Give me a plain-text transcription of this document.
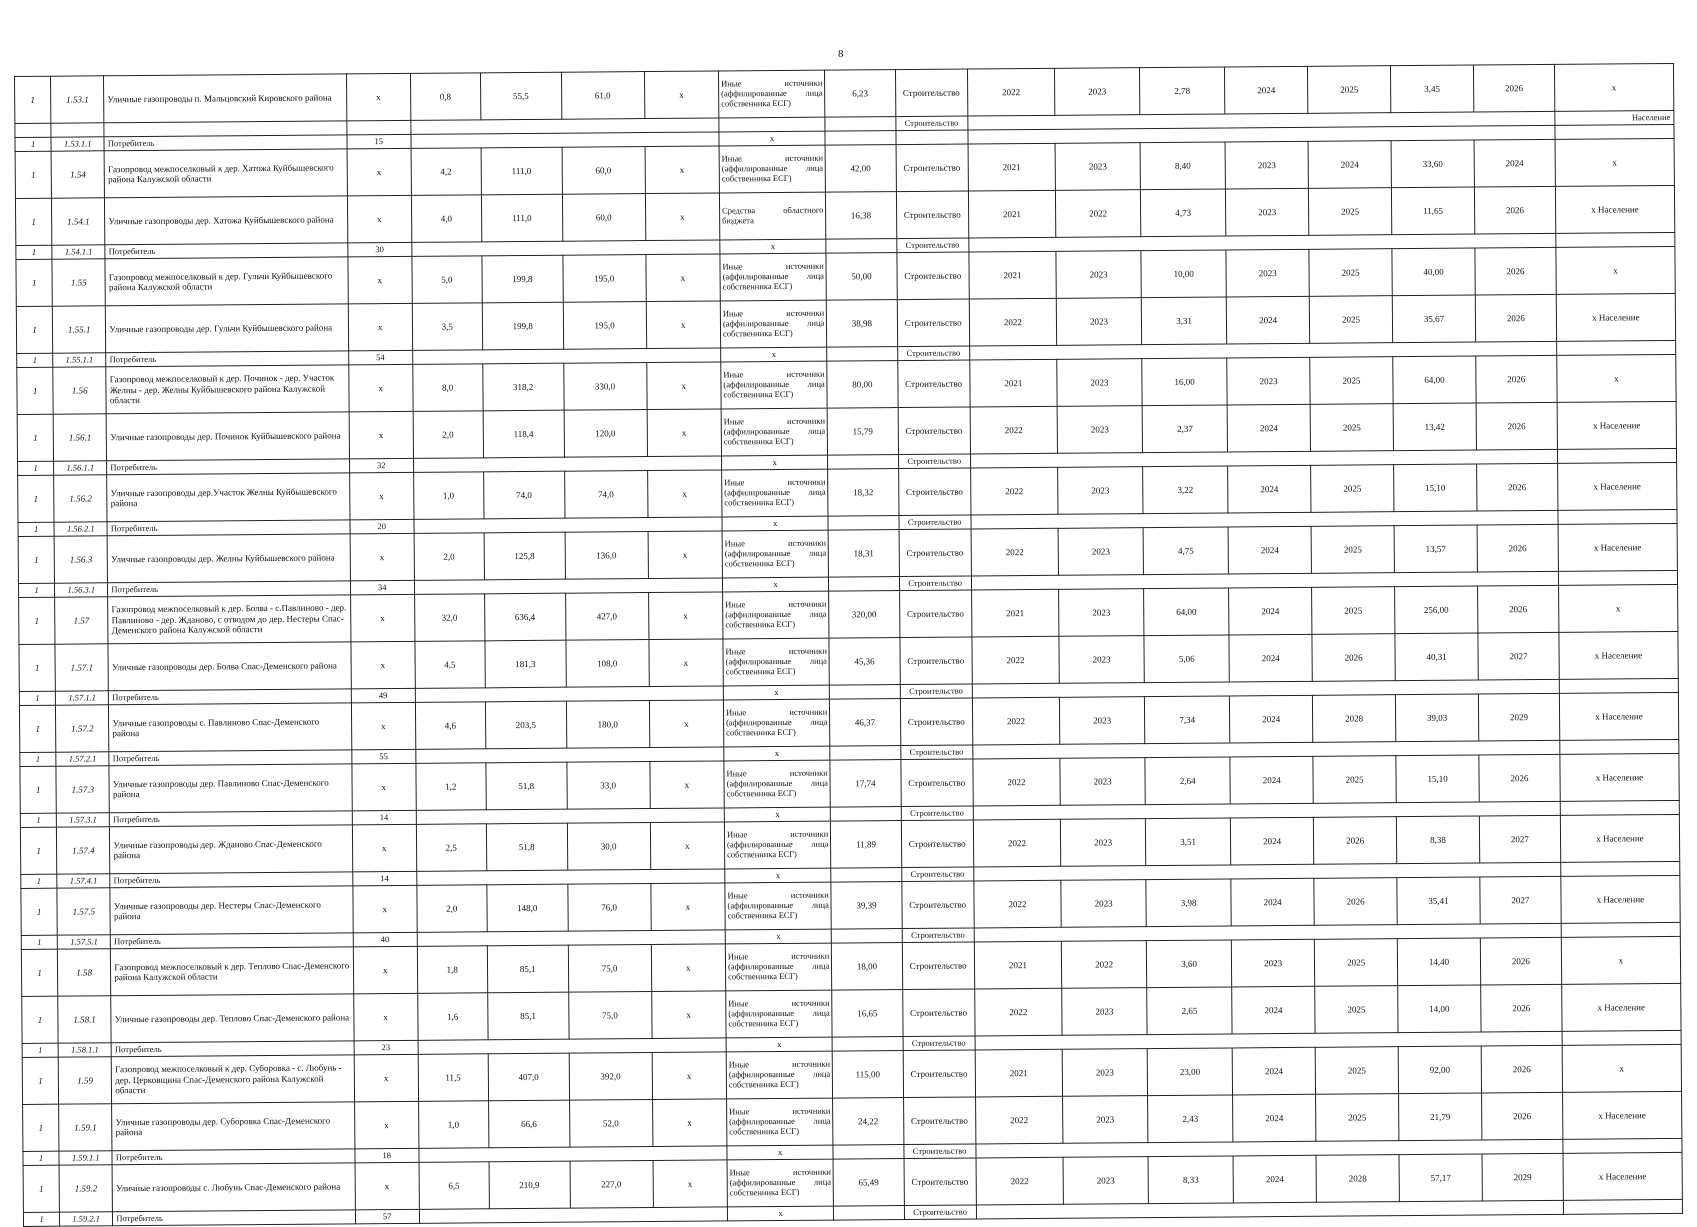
8
1	1.53.1	Уличные газопроводы п. Мальцовский Кировского района	x	0,8	55,5	61,0	x	Иные источники (аффилированные лица собственника ЕСГ)	6,23	Строительство	2022	2023	2,78	2024	2025	3,45	2026	x
										Строительство								Население
1	1.53.1.1	Потребитель	15					x										
1	1.54	Газопровод межпоселковый к дер. Хатожа Куйбышевского района Калужской области	x	4,2	111,0	60,0	x	Иные источники (аффилированные лица собственника ЕСГ)	42,00	Строительство	2021	2023	8,40	2023	2024	33,60	2024	x
1	1.54.1	Уличные газопроводы дер. Хатожа Куйбышевского района	x	4,0	111,0	60,0	x	Средства областного бюджета	16,38	Строительство	2021	2022	4,73	2023	2025	11,65	2026	x Население
1	1.54.1.1	Потребитель	30					x		Строительство								
1	1.55	Газопровод межпоселковый к дер. Гульчи Куйбышевского района Калужской области	x	5,0	199,8	195,0	x	Иные источники (аффилированные лица собственника ЕСГ)	50,00	Строительство	2021	2023	10,00	2023	2025	40,00	2026	x
1	1.55.1	Уличные газопроводы дер. Гульчи Куйбышевского района	x	3,5	199,8	195,0	x	Иные источники (аффилированные лица собственника ЕСГ)	38,98	Строительство	2022	2023	3,31	2024	2025	35,67	2026	x Население
1	1.55.1.1	Потребитель	54					x		Строительство								
1	1.56	Газопровод межпоселковый к дер. Починок - дер. Участок Желны - дер. Желны Куйбышевского района Калужской области	x	8,0	318,2	330,0	x	Иные источники (аффилированные лица собственника ЕСГ)	80,00	Строительство	2021	2023	16,00	2023	2025	64,00	2026	x
1	1.56.1	Уличные газопроводы дер. Починок Куйбышевского района	x	2,0	118,4	120,0	x	Иные источники (аффилированные лица собственника ЕСГ)	15,79	Строительство	2022	2023	2,37	2024	2025	13,42	2026	x Население
1	1.56.1.1	Потребитель	32					x		Строительство								
1	1.56.2	Уличные газопроводы дер.Участок Желны Куйбышевского района	x	1,0	74,0	74,0	x	Иные источники (аффилированные лица собственника ЕСГ)	18,32	Строительство	2022	2023	3,22	2024	2025	15,10	2026	x Население
1	1.56.2.1	Потребитель	20					x		Строительство								
1	1.56.3	Уличные газопроводы дер. Желны Куйбышевского района	x	2,0	125,8	136,0	x	Иные источники (аффилированные лица собственника ЕСГ)	18,31	Строительство	2022	2023	4,75	2024	2025	13,57	2026	x Население
1	1.56.3.1	Потребитель	34					x		Строительство								
1	1.57	Газопровод межпоселковый к дер. Болва - с.Павлиново - дер. Павлиново - дер. Жданово, с отводом до дер. Нестеры Спас-Деменского района Калужской области	x	32,0	636,4	427,0	x	Иные источники (аффилированные лица собственника ЕСГ)	320,00	Строительство	2021	2023	64,00	2024	2025	256,00	2026	x
1	1.57.1	Уличные газопроводы дер. Болва Спас-Деменского района	x	4,5	181,3	108,0	x	Иные источники (аффилированные лица собственника ЕСГ)	45,36	Строительство	2022	2023	5,06	2024	2026	40,31	2027	x Население
1	1.57.1.1	Потребитель	49					x		Строительство								
1	1.57.2	Уличные газопроводы с. Павлиново Спас-Деменского района	x	4,6	203,5	180,0	x	Иные источники (аффилированные лица собственника ЕСГ)	46,37	Строительство	2022	2023	7,34	2024	2028	39,03	2029	x Население
1	1.57.2.1	Потребитель	55					x		Строительство								
1	1.57.3	Уличные газопроводы дер. Павлиново Спас-Деменского района	x	1,2	51,8	33,0	x	Иные источники (аффилированные лица собственника ЕСГ)	17,74	Строительство	2022	2023	2,64	2024	2025	15,10	2026	x Население
1	1.57.3.1	Потребитель	14					x		Строительство								
1	1.57.4	Уличные газопроводы дер. Жданово Спас-Деменского района	x	2,5	51,8	30,0	x	Иные источники (аффилированные лица собственника ЕСГ)	11,89	Строительство	2022	2023	3,51	2024	2026	8,38	2027	x Население
1	1.57.4.1	Потребитель	14					x		Строительство								
1	1.57.5	Уличные газопроводы дер. Нестеры Спас-Деменского района	x	2,0	148,0	76,0	x	Иные источники (аффилированные лица собственника ЕСГ)	39,39	Строительство	2022	2023	3,98	2024	2026	35,41	2027	x Население
1	1.57.5.1	Потребитель	40					x		Строительство								
1	1.58	Газопровод межпоселковый к дер. Теплово Спас-Деменского района Калужской области	x	1,8	85,1	75,0	x	Иные источники (аффилированные лица собственника ЕСГ)	18,00	Строительство	2021	2022	3,60	2023	2025	14,40	2026	x
1	1.58.1	Уличные газопроводы дер. Теплово Спас-Деменского района	x	1,6	85,1	75,0	x	Иные источники (аффилированные лица собственника ЕСГ)	16,65	Строительство	2022	2023	2,65	2024	2025	14,00	2026	x Население
1	1.58.1.1	Потребитель	23					x		Строительство								
1	1.59	Газопровод межпоселковый к дер. Суборовка - с. Любунь - дер. Церковщина Спас-Деменского района Калужской области	x	11,5	407,0	392,0	x	Иные источники (аффилированные лица собственника ЕСГ)	115,00	Строительство	2021	2023	23,00	2024	2025	92,00	2026	x
1	1.59.1	Уличные газопроводы дер. Суборовка Спас-Деменского района	x	1,0	66,6	52,0	x	Иные источники (аффилированные лица собственника ЕСГ)	24,22	Строительство	2022	2023	2,43	2024	2025	21,79	2026	x Население
1	1.59.1.1	Потребитель	18					x		Строительство								
1	1.59.2	Уличные газопроводы с. Любунь Спас-Деменского района	x	6,5	210,9	227,0	x	Иные источники (аффилированные лица собственника ЕСГ)	65,49	Строительство	2022	2023	8,33	2024	2028	57,17	2029	x Население
1	1.59.2.1	Потребитель	57					x		Строительство								
